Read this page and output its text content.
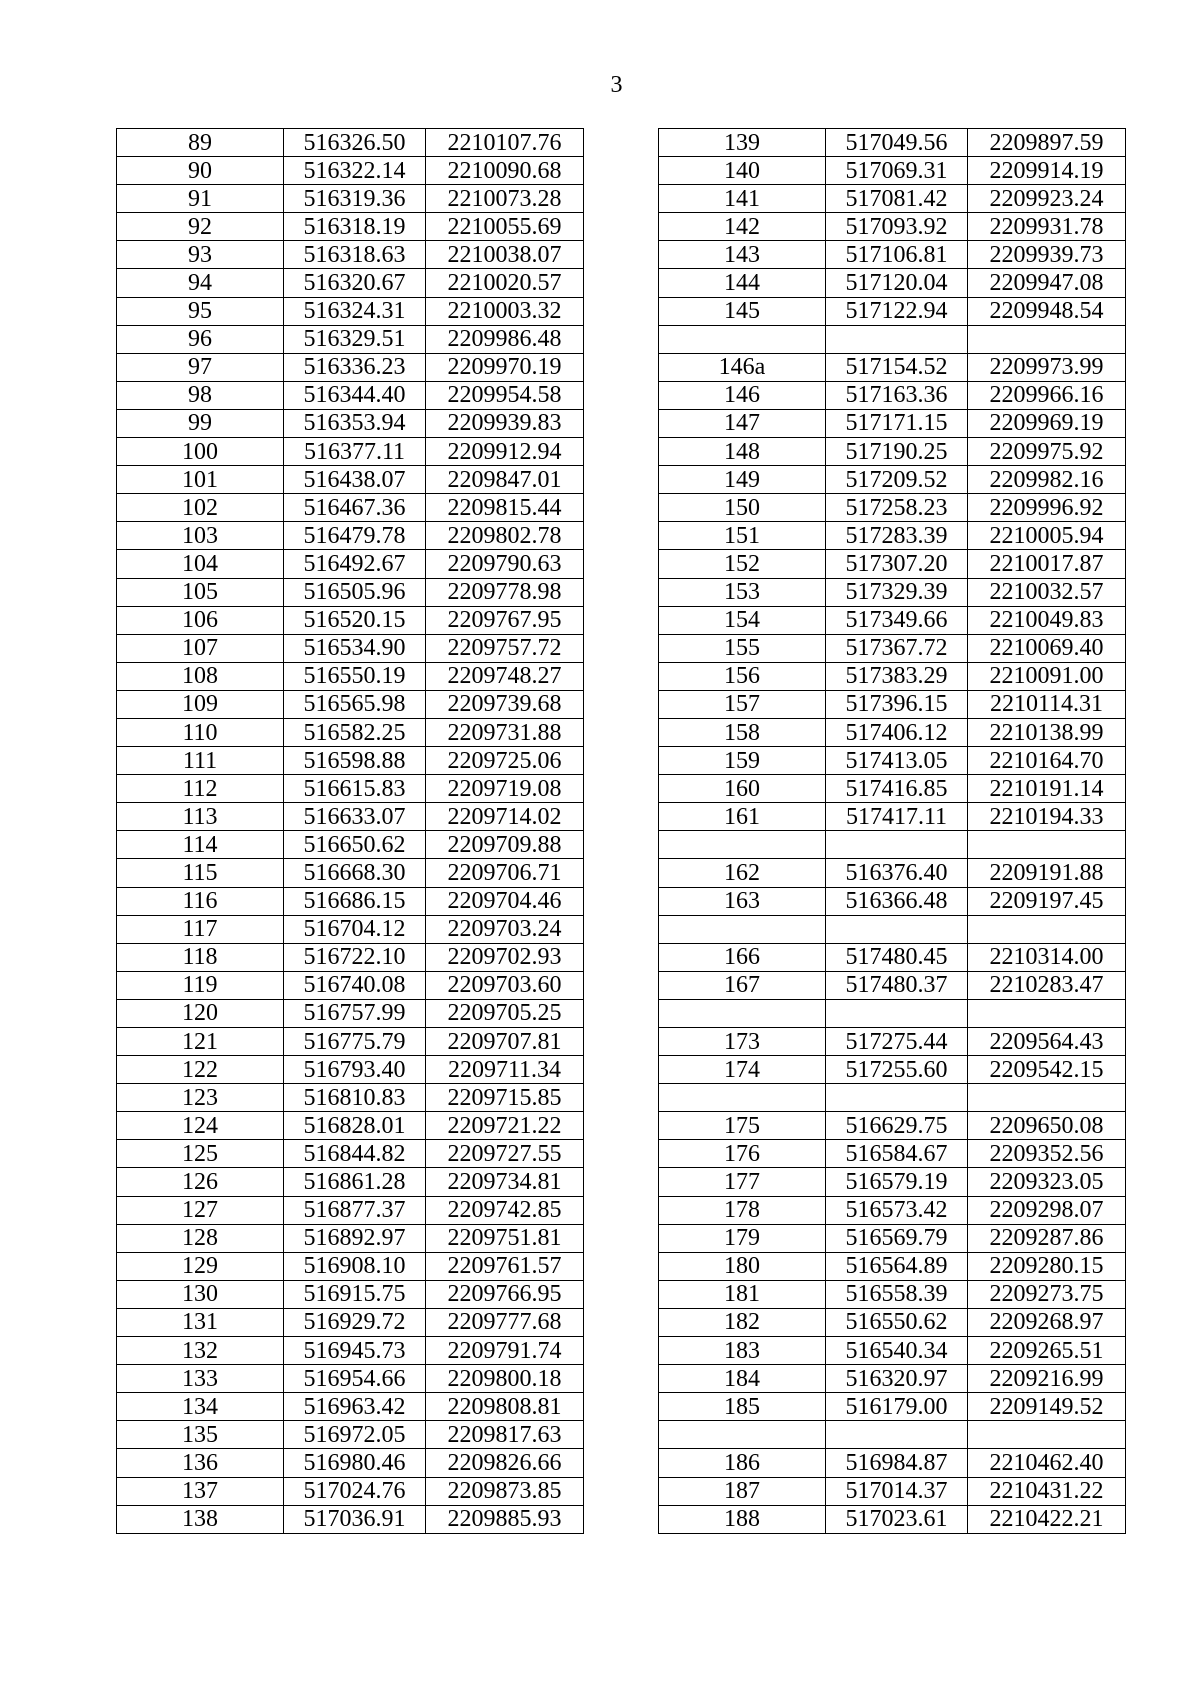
3
89	516326.50	2210107.76
90	516322.14	2210090.68
91	516319.36	2210073.28
92	516318.19	2210055.69
93	516318.63	2210038.07
94	516320.67	2210020.57
95	516324.31	2210003.32
96	516329.51	2209986.48
97	516336.23	2209970.19
98	516344.40	2209954.58
99	516353.94	2209939.83
100	516377.11	2209912.94
101	516438.07	2209847.01
102	516467.36	2209815.44
103	516479.78	2209802.78
104	516492.67	2209790.63
105	516505.96	2209778.98
106	516520.15	2209767.95
107	516534.90	2209757.72
108	516550.19	2209748.27
109	516565.98	2209739.68
110	516582.25	2209731.88
111	516598.88	2209725.06
112	516615.83	2209719.08
113	516633.07	2209714.02
114	516650.62	2209709.88
115	516668.30	2209706.71
116	516686.15	2209704.46
117	516704.12	2209703.24
118	516722.10	2209702.93
119	516740.08	2209703.60
120	516757.99	2209705.25
121	516775.79	2209707.81
122	516793.40	2209711.34
123	516810.83	2209715.85
124	516828.01	2209721.22
125	516844.82	2209727.55
126	516861.28	2209734.81
127	516877.37	2209742.85
128	516892.97	2209751.81
129	516908.10	2209761.57
130	516915.75	2209766.95
131	516929.72	2209777.68
132	516945.73	2209791.74
133	516954.66	2209800.18
134	516963.42	2209808.81
135	516972.05	2209817.63
136	516980.46	2209826.66
137	517024.76	2209873.85
138	517036.91	2209885.93
139	517049.56	2209897.59
140	517069.31	2209914.19
141	517081.42	2209923.24
142	517093.92	2209931.78
143	517106.81	2209939.73
144	517120.04	2209947.08
145	517122.94	2209948.54

146a	517154.52	2209973.99
146	517163.36	2209966.16
147	517171.15	2209969.19
148	517190.25	2209975.92
149	517209.52	2209982.16
150	517258.23	2209996.92
151	517283.39	2210005.94
152	517307.20	2210017.87
153	517329.39	2210032.57
154	517349.66	2210049.83
155	517367.72	2210069.40
156	517383.29	2210091.00
157	517396.15	2210114.31
158	517406.12	2210138.99
159	517413.05	2210164.70
160	517416.85	2210191.14
161	517417.11	2210194.33

162	516376.40	2209191.88
163	516366.48	2209197.45

166	517480.45	2210314.00
167	517480.37	2210283.47

173	517275.44	2209564.43
174	517255.60	2209542.15

175	516629.75	2209650.08
176	516584.67	2209352.56
177	516579.19	2209323.05
178	516573.42	2209298.07
179	516569.79	2209287.86
180	516564.89	2209280.15
181	516558.39	2209273.75
182	516550.62	2209268.97
183	516540.34	2209265.51
184	516320.97	2209216.99
185	516179.00	2209149.52

186	516984.87	2210462.40
187	517014.37	2210431.22
188	517023.61	2210422.21
